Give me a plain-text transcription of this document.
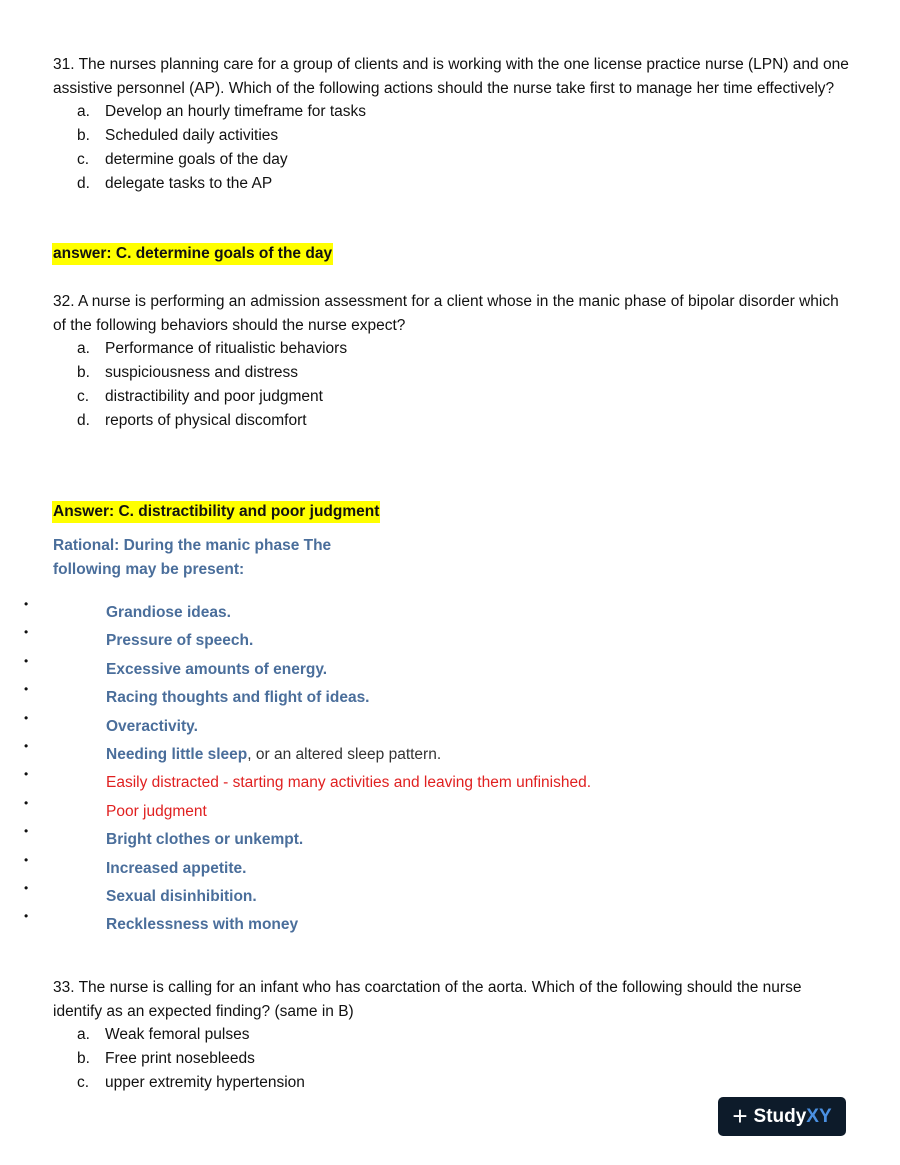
31. The nurses planning care for a group of clients and is working with the one license practice nurse (LPN) and one assistive personnel (AP). Which of the following actions should the nurse take first to manage her time effectively?
a. Develop an hourly timeframe for tasks
b. Scheduled daily activities
c. determine goals of the day
d. delegate tasks to the AP
answer: C. determine goals of the day
32. A nurse is performing an admission assessment for a client whose in the manic phase of bipolar disorder which of the following behaviors should the nurse expect?
a. Performance of ritualistic behaviors
b. suspiciousness and distress
c. distractibility and poor judgment
d. reports of physical discomfort
Answer: C. distractibility and poor judgment
Rational: During the manic phase The
following may be present:
•	Grandiose ideas.
•	Pressure of speech.
•	Excessive amounts of energy.
•	Racing thoughts and flight of ideas.
•	Overactivity.
•	Needing little sleep, or an altered sleep pattern.
•	Easily distracted - starting many activities and leaving them unfinished.
•	Poor judgment
•	Bright clothes or unkempt.
•	Increased appetite.
•	Sexual disinhibition.
•	Recklessness with money
33. The nurse is calling for an infant who has coarctation of the aorta. Which of the following should the nurse identify as an expected finding? (same in B)
a. Weak femoral pulses
b. Free print nosebleeds
c. upper extremity hypertension
+ StudyXY
